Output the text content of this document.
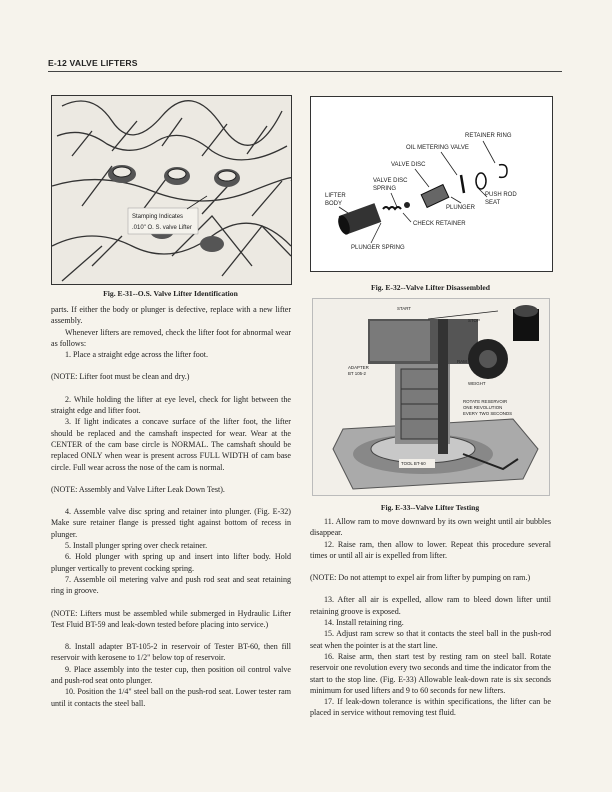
E-12 VALVE LIFTERS
Stamping Indicates
.010" O. S. valve Lifter
Fig. E-31--O.S. Valve Lifter Identification
RETAINER RING
OIL METERING VALVE
VALVE DISC
VALVE DISC
SPRING
LIFTER
BODY
PLUNGER
PUSH ROD
SEAT
CHECK RETAINER
PLUNGER SPRING
Fig. E-32--Valve Lifter Disassembled
START
STOP
RAM
ADAPTER
BT 105-2
WEIGHT
ROTATE RESERVOIR
ONE REVOLUTION
EVERY TWO SECONDS
TOOL BT-60
Fig. E-33--Valve Lifter Testing

parts. If either the body or plunger is defective, replace with a new lifter assembly.

Whenever lifters are removed, check the lifter foot for abnormal wear as follows:

1. Place a straight edge across the lifter foot.

(NOTE: Lifter foot must be clean and dry.)

2. While holding the lifter at eye level, check for light between the straight edge and lifter foot.

3. If light indicates a concave surface of the lifter foot, the lifter should be replaced and the camshaft inspected for wear. Wear at the CENTER of the cam base circle is NORMAL. The camshaft should be replaced ONLY when wear is present across FULL WIDTH of cam base circle. Full wear across the nose of the cam is normal.

(NOTE: Assembly and Valve Lifter Leak Down Test).

4. Assemble valve disc spring and retainer into plunger. (Fig. E-32) Make sure retainer flange is pressed tight against bottom of recess in plunger.

5. Install plunger spring over check retainer.

6. Hold plunger with spring up and insert into lifter body. Hold plunger vertically to prevent cocking spring.

7. Assemble oil metering valve and push rod seat and seat retaining ring in groove.

(NOTE: Lifters must be assembled while submerged in Hydraulic Lifter Test Fluid BT-59 and leak-down tested before placing into service.)

8. Install adapter BT-105-2 in reservoir of Tester BT-60, then fill reservoir with kerosene to 1/2" below top of reservoir.

9. Place assembly into the tester cup, then position oil control valve and push-rod seat onto plunger.

10. Position the 1/4" steel ball on the push-rod seat. Lower tester ram until it contacts the steel ball.

11. Allow ram to move downward by its own weight until air bubbles disappear.

12. Raise ram, then allow to lower. Repeat this procedure several times or until all air is expelled from lifter.

(NOTE: Do not attempt to expel air from lifter by pumping on ram.)

13. After all air is expelled, allow ram to bleed down lifter until retaining groove is exposed.

14. Install retaining ring.

15. Adjust ram screw so that it contacts the steel ball in the push-rod seat when the pointer is at the start line.

16. Raise arm, then start test by resting ram on steel ball. Rotate reservoir one revolution every two seconds and time the indicator from the start to the stop line. (Fig. E-33) Allowable leak-down rate is six seconds minimum for used lifters and 9 to 60 seconds for new lifters.

17. If leak-down tolerance is within specifications, the lifter can be placed in service without removing test fluid.
